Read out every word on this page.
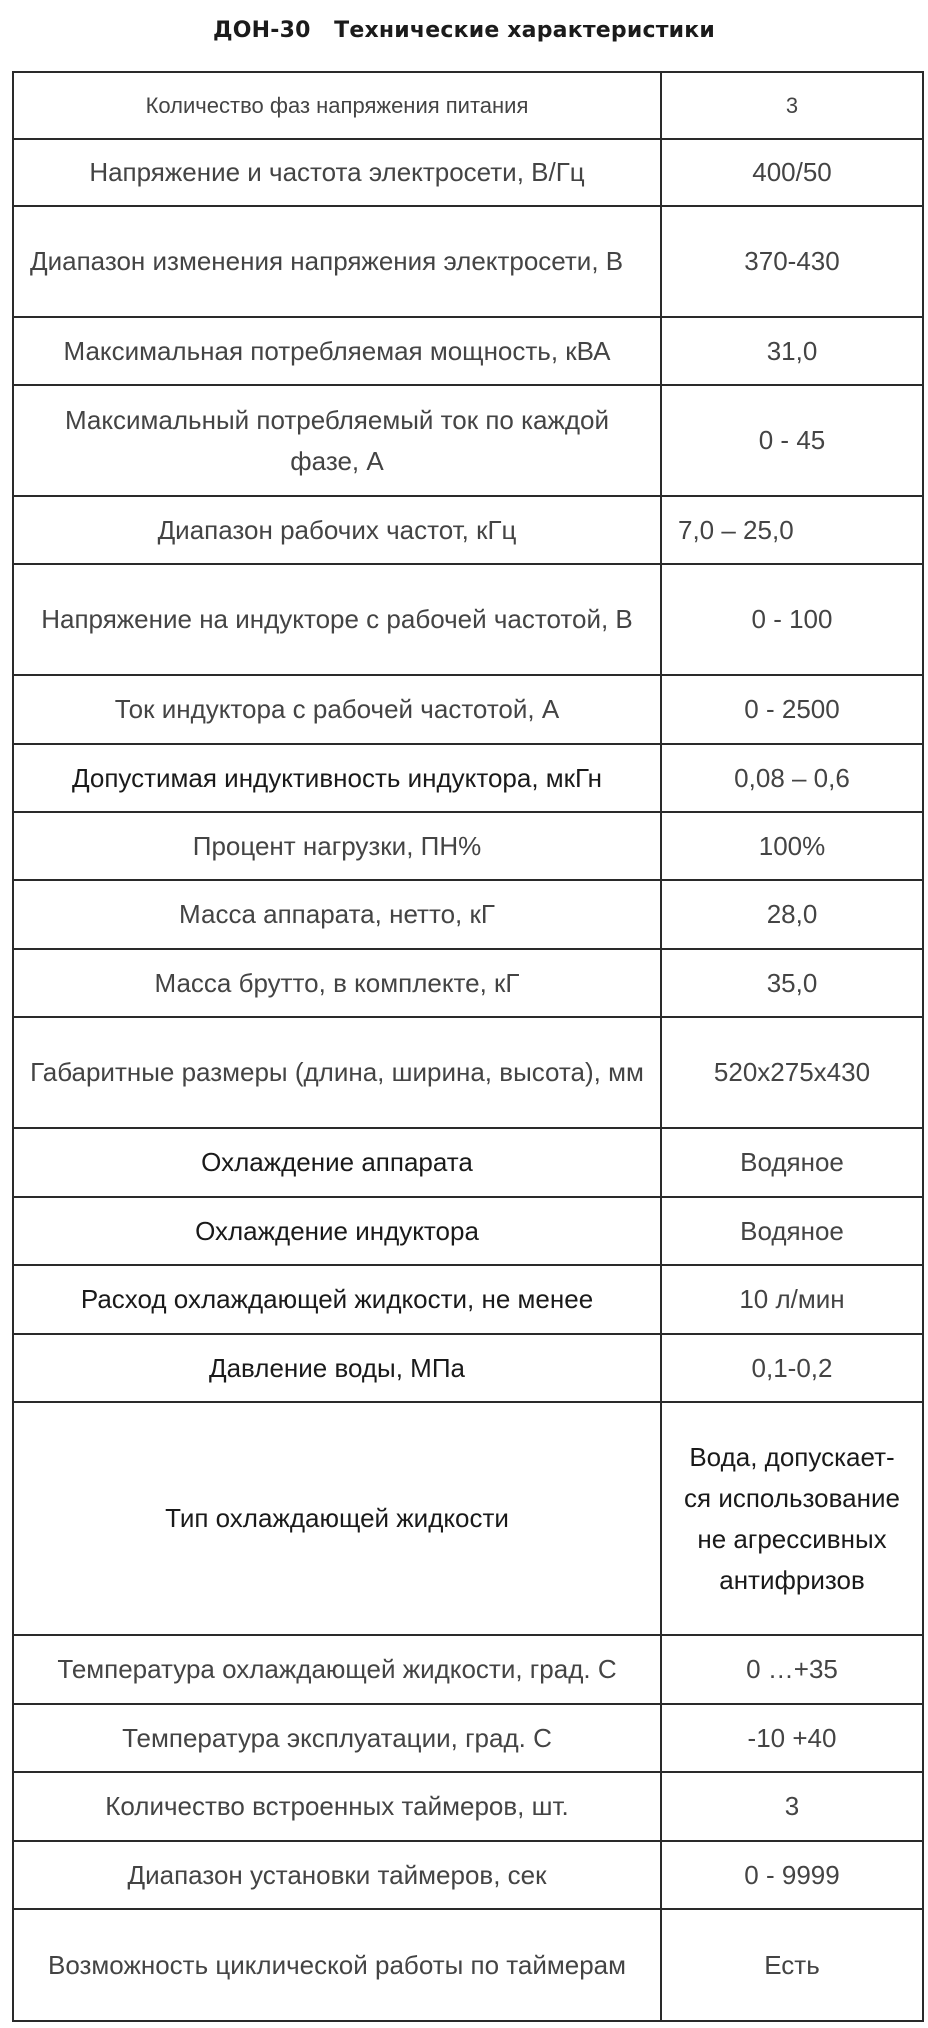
ДОН-30   Технические характеристики
Количество фаз напряжения питания	3
Напряжение и частота электросети, В/Гц	400/50
Диапазон изменения напряжения электросети, В	370-430
Максимальная потребляемая мощность, кВА	31,0
Максимальный потребляемый ток по каждой фазе, А	0 - 45
Диапазон рабочих частот, кГц	7,0 – 25,0
Напряжение на индукторе с рабочей частотой, В	0 - 100
Ток индуктора с рабочей частотой, А	0 - 2500
Допустимая индуктивность индуктора, мкГн	0,08 – 0,6
Процент нагрузки, ПН%	100%
Масса аппарата, нетто, кГ	28,0
Масса брутто, в комплекте, кГ	35,0
Габаритные размеры (длина, ширина, высота), мм	520х275х430
Охлаждение аппарата	Водяное
Охлаждение индуктора	Водяное
Расход охлаждающей жидкости, не менее	10 л/мин
Давление воды, МПа	0,1-0,2
Тип охлаждающей жидкости	Вода, допускает-ся использование не агрессивных антифризов
Температура охлаждающей жидкости, град. С	0 …+35
Температура эксплуатации, град. С	-10 +40
Количество встроенных таймеров, шт.	3
Диапазон установки таймеров, сек	0 - 9999
Возможность циклической работы по таймерам	Есть
